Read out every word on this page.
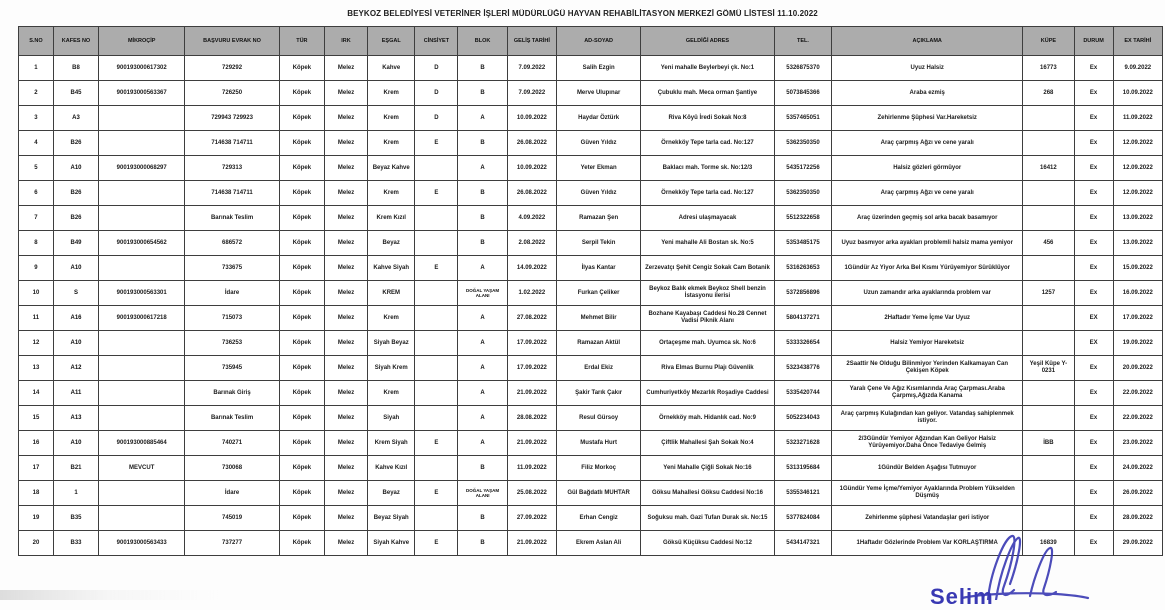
BEYKOZ BELEDİYESİ VETERİNER İŞLERİ MÜDÜRLÜĞÜ HAYVAN REHABİLİTASYON MERKEZİ GÖMÜ LİSTESİ 11.10.2022
S.NO	KAFES NO	MİKROÇİP	BAŞVURU EVRAK NO	TÜR	IRK	EŞGAL	CİNSİYET	BLOK	GELİŞ TARİHİ	AD-SOYAD	GELDİĞİ ADRES	TEL.	AÇIKLAMA	KÜPE	DURUM	EX TARİHİ
1	B8	900193000617302	729292	Köpek	Melez	Kahve	D	B	7.09.2022	Salih Ezgin	Yeni mahalle Beylerbeyi çk. No:1	5326875370	Uyuz Halsiz	16773	Ex	9.09.2022
2	B45	900193000563367	726250	Köpek	Melez	Krem	D	B	7.09.2022	Merve Ulupınar	Çubuklu mah. Meca orman Şantiye	5073845366	Araba ezmiş	268	Ex	10.09.2022
3	A3		729943 729923	Köpek	Melez	Krem	D	A	10.09.2022	Haydar Öztürk	Riva Köyü İredi Sokak No:8	5357465051	Zehirlenme Şüphesi Var.Hareketsiz		Ex	11.09.2022
4	B26		714638 714711	Köpek	Melez	Krem	E	B	26.08.2022	Güven Yıldız	Örnekköy Tepe tarla cad. No:127	5362350350	Araç çarpmış Ağzı ve cene yaralı		Ex	12.09.2022
5	A10	900193000068297	729313	Köpek	Melez	Beyaz Kahve		A	10.09.2022	Yeter Ekman	Baklacı mah. Torme sk. No:12/3	5435172256	Halsiz gözleri görmüyor	16412	Ex	12.09.2022
6	B26		714638 714711	Köpek	Melez	Krem	E	B	26.08.2022	Güven Yıldız	Örnekköy Tepe tarla cad. No:127	5362350350	Araç çarpmış Ağzı ve cene yaralı		Ex	12.09.2022
7	B26		Barınak Teslim	Köpek	Melez	Krem Kızıl		B	4.09.2022	Ramazan Şen	Adresi ulaşmayacak	5512322658	Araç üzerinden geçmiş sol arka bacak basamıyor		Ex	13.09.2022
8	B49	900193000654562	686572	Köpek	Melez	Beyaz		B	2.08.2022	Serpil Tekin	Yeni mahalle Ali Bostan sk. No:5	5353485175	Uyuz basmıyor arka ayakları problemli halsiz mama yemiyor	456	Ex	13.09.2022
9	A10		733675	Köpek	Melez	Kahve Siyah	E	A	14.09.2022	İlyas Kantar	Zerzevatçı Şehit Cengiz Sokak Cam Botanik	5316263653	1Gündür Az Yiyor Arka Bel Kısmı Yürüyemiyor Sürüklüyor		Ex	15.09.2022
10	S	900193000563301	İdare	Köpek	Melez	KREM		DOĞAL YAŞAM ALANI	1.02.2022	Furkan Çeliker	Beykoz Balık ekmek Beykoz Shell benzin İstasyonu ilerisi	5372856896	Uzun zamandır arka ayaklarında problem var	1257	Ex	16.09.2022
11	A16	900193000617218	715073	Köpek	Melez	Krem		A	27.08.2022	Mehmet Bilir	Bozhane Kayabaşı Caddesi No.28 Cennet Vadisi Piknik Alanı	5804137271	2Haftadır Yeme İçme Var Uyuz		EX	17.09.2022
12	A10		736253	Köpek	Melez	Siyah Beyaz		A	17.09.2022	Ramazan Aktül	Ortaçeşme mah. Uyumca sk. No:6	5333326654	Halsiz Yemiyor Hareketsiz		EX	19.09.2022
13	A12		735945	Köpek	Melez	Siyah Krem		A	17.09.2022	Erdal Ekiz	Riva Elmas Burnu Plajı Güvenlik	5323438776	2Saattir Ne Olduğu Bilinmiyor Yerinden Kalkamayan Can Çekişen Köpek	Yeşil Küpe Y-0231	Ex	20.09.2022
14	A11		Barınak Giriş	Köpek	Melez	Krem		A	21.09.2022	Şakir Tarık Çakır	Cumhuriyetköy Mezarlık Roşadiye Caddesi	5335420744	Yaralı Çene Ve Ağız Kısımlarında Araç Çarpması.Araba Çarpmış,Ağızda Kanama		Ex	22.09.2022
15	A13		Barınak Teslim	Köpek	Melez	Siyah		A	28.08.2022	Resul Gürsoy	Örnekköy mah. Hidanlık cad. No:9	5052234043	Araç çarpmış Kulağından kan geliyor. Vatandaş sahiplenmek istiyor.		Ex	22.09.2022
16	A10	900193000885464	740271	Köpek	Melez	Krem Siyah	E	A	21.09.2022	Mustafa Hurt	Çiftlik Mahallesi Şah Sokak No:4	5323271628	2/3Gündür Yemiyor Ağzından Kan Geliyor Halsiz Yürüyemiyor.Daha Önce Tedaviye Gelmiş	İBB	Ex	23.09.2022
17	B21	MEVCUT	730068	Köpek	Melez	Kahve Kızıl		B	11.09.2022	Filiz Morkoç	Yeni Mahalle Çiğli Sokak No:16	5313195684	1Gündür Belden Aşağısı Tutmuyor		Ex	24.09.2022
18	1		İdare	Köpek	Melez	Beyaz	E	DOĞAL YAŞAM ALANI	25.08.2022	Gül Bağdatlı MUHTAR	Göksu Mahallesi Göksu Caddesi No:16	5355346121	1Gündür Yeme İçme/Yemiyor Ayaklarında Problem Yükselden Düşmüş		Ex	26.09.2022
19	B35		745019	Köpek	Melez	Beyaz Siyah		B	27.09.2022	Erhan Cengiz	Soğuksu mah. Gazi Tufan Durak sk. No:15	5377824084	Zehirlenme şüphesi Vatandaşlar geri istiyor		Ex	28.09.2022
20	B33	900193000563433	737277	Köpek	Melez	Siyah Kahve	E	B	21.09.2022	Ekrem Aslan Ali	Göksü Küçüksu Caddesi No:12	5434147321	1Haftadır Gözlerinde Problem Var KORLAŞTIRMA	16839	Ex	29.09.2022
Selim
